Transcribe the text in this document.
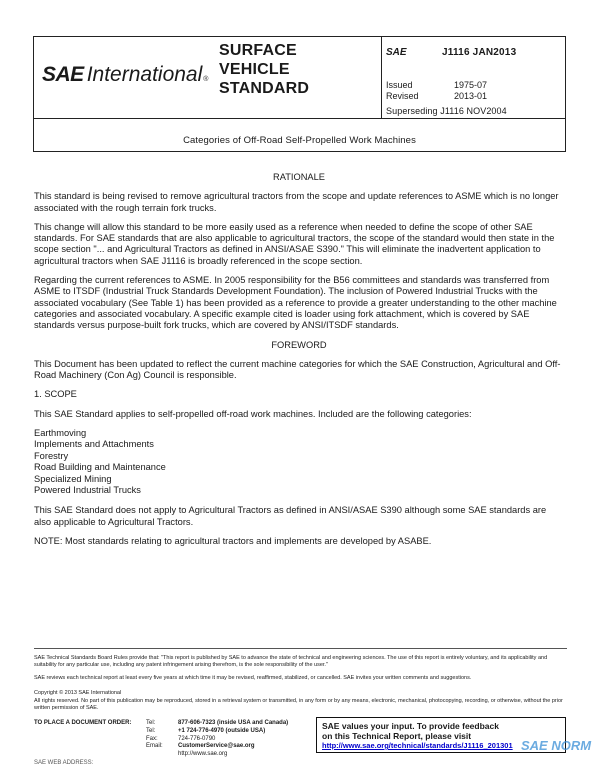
SAE International ®
SURFACE
VEHICLE
STANDARD
SAE	J1116 JAN2013
Issued	1975-07
Revised	2013-01
Superseding J1116 NOV2004
Categories of Off-Road Self-Propelled Work Machines
RATIONALE

This standard is being revised to remove agricultural tractors from the scope and update references to ASME which is no longer associated with the rough terrain fork trucks.

This change will allow this standard to be more easily used as a reference when needed to define the scope of other SAE standards. For SAE standards that are also applicable to agricultural tractors, the scope of the standard would then state in the scope section "... and Agricultural Tractors as defined in ANSI/ASAE S390." This will eliminate the inadvertent application to agricultural tractors when SAE J1116 is broadly referenced in the scope section.

Regarding the current references to ASME. In 2005 responsibility for the B56 committees and standards was transferred from ASME to ITSDF (Industrial Truck Standards Development Foundation). The inclusion of Powered Industrial Trucks with the associated vocabulary (See Table 1) has been provided as a reference to provide a greater understanding to the other machine categories and associated vocabulary. A specific example cited is loader using fork attachment, which is covered by SAE standards versus purpose-built fork trucks, which are covered by ANSI/ITSDF standards.

FOREWORD

This Document has been updated to reflect the current machine categories for which the SAE Construction, Agricultural and Off-Road Machinery (Con Ag) Council is responsible.

1. SCOPE

This SAE Standard applies to self-propelled off-road work machines. Included are the following categories:

Earthmoving
Implements and Attachments
Forestry
Road Building and Maintenance
Specialized Mining
Powered Industrial Trucks

This SAE Standard does not apply to Agricultural Tractors as defined in ANSI/ASAE S390 although some SAE standards are also applicable to Agricultural Tractors.

NOTE: Most standards relating to agricultural tractors and implements are developed by ASABE.

SAE Technical Standards Board Rules provide that: "This report is published by SAE to advance the state of technical and engineering sciences. The use of this report is entirely voluntary, and its applicability and suitability for any particular use, including any patent infringement arising therefrom, is the sole responsibility of the user."
SAE reviews each technical report at least every five years at which time it may be revised, reaffirmed, stabilized, or cancelled. SAE invites your written comments and suggestions.
Copyright © 2013 SAE International
All rights reserved. No part of this publication may be reproduced, stored in a retrieval system or transmitted, in any form or by any means, electronic, mechanical, photocopying, recording, or otherwise, without the prior written permission of SAE.
TO PLACE A DOCUMENT ORDER: Tel:	877-606-7323 (inside USA and Canada)
Tel:	+1 724-776-4970 (outside USA)
Fax:	724-776-0790
Email:	CustomerService@sae.org
http://www.sae.org
SAE WEB ADDRESS:
SAE values your input. To provide feedback
on this Technical Report, please visit
http://www.sae.org/technical/standards/J1116_201301 SAE NORM
